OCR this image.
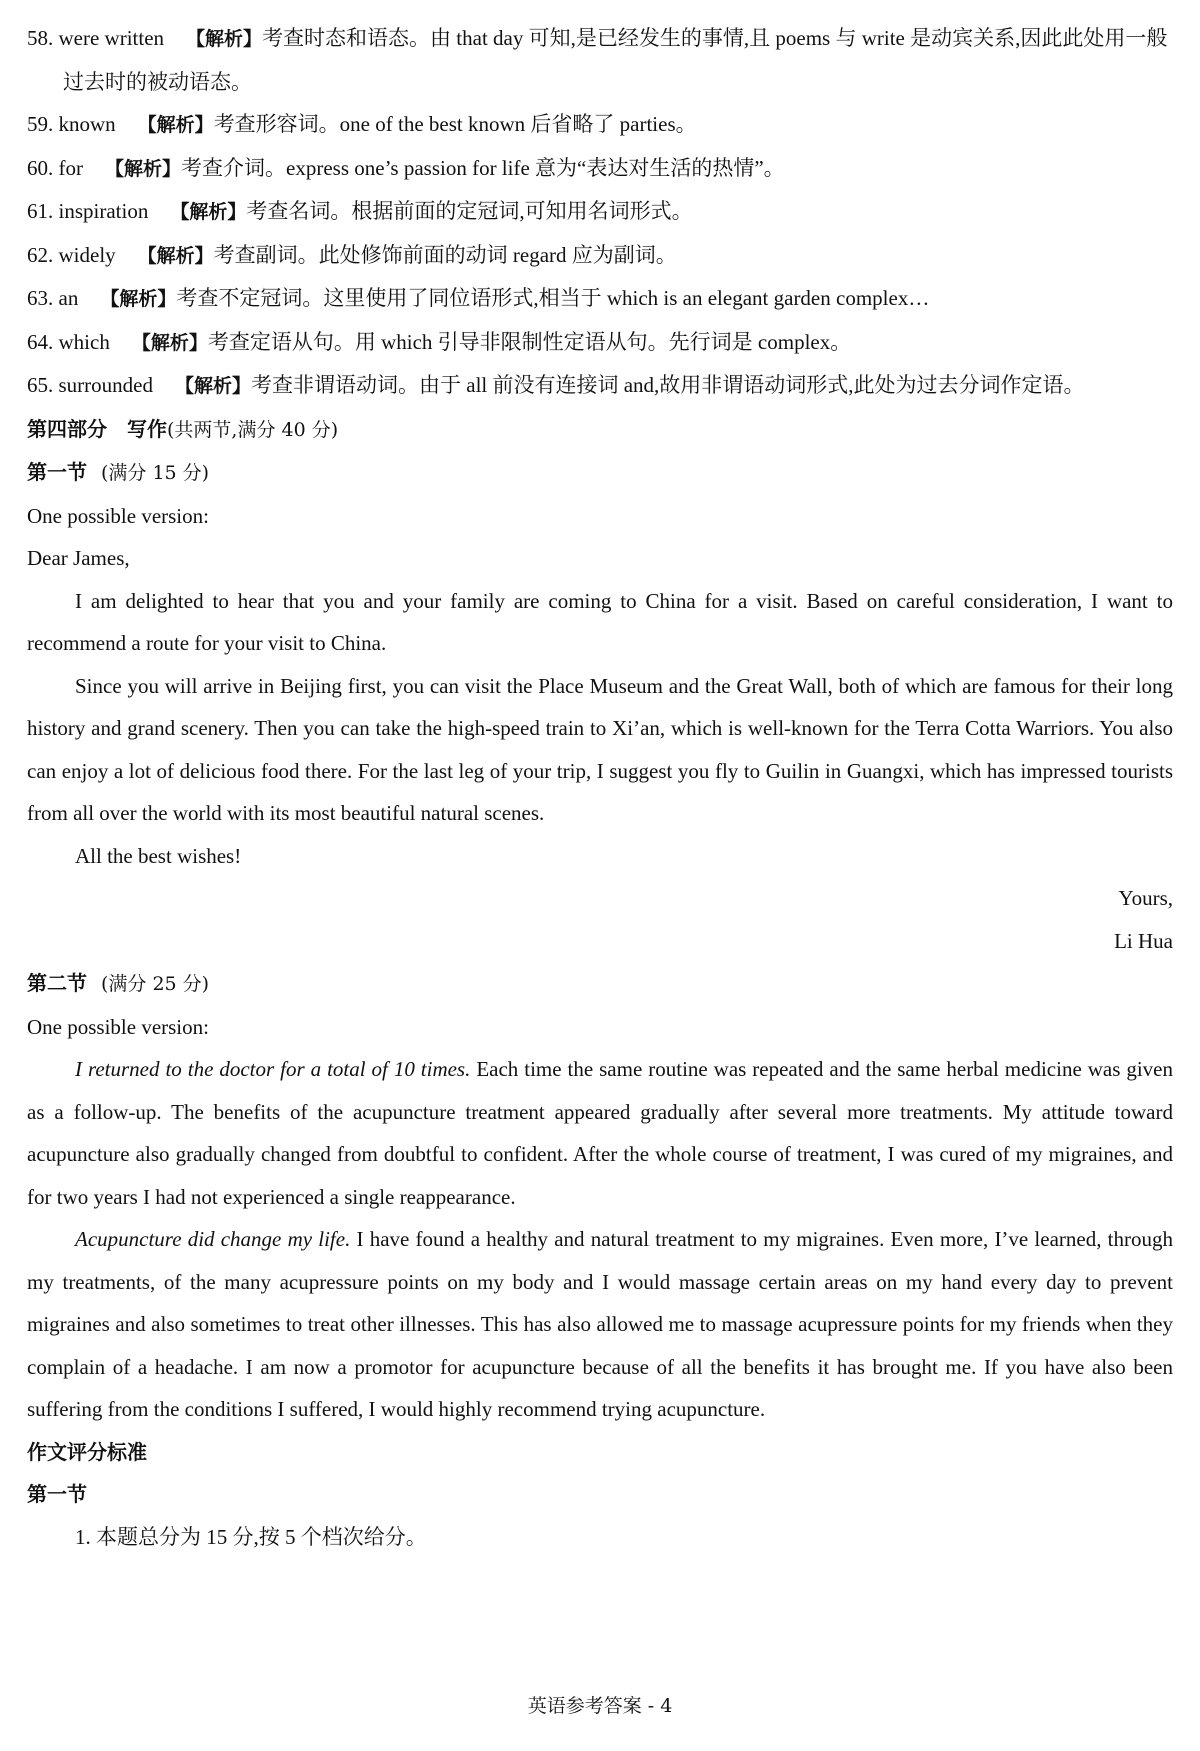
58. were written 【解析】考查时态和语态。由 that day 可知,是已经发生的事情,且 poems 与 write 是动宾关系,因此此处用一般过去时的被动语态。
59. known 【解析】考查形容词。one of the best known 后省略了 parties。
60. for 【解析】考查介词。express one’s passion for life 意为“表达对生活的热情”。
61. inspiration 【解析】考查名词。根据前面的定冠词,可知用名词形式。
62. widely 【解析】考查副词。此处修饰前面的动词 regard 应为副词。
63. an 【解析】考查不定冠词。这里使用了同位语形式,相当于 which is an elegant garden complex…
64. which 【解析】考查定语从句。用 which 引导非限制性定语从句。先行词是 complex。
65. surrounded 【解析】考查非谓语动词。由于 all 前没有连接词 and,故用非谓语动词形式,此处为过去分词作定语。
第四部分　写作(共两节,满分 40 分)
第一节 (满分 15 分)

One possible version:

Dear James,

I am delighted to hear that you and your family are coming to China for a visit. Based on careful consideration, I want to recommend a route for your visit to China.

Since you will arrive in Beijing first, you can visit the Place Museum and the Great Wall, both of which are famous for their long history and grand scenery. Then you can take the high-speed train to Xi’an, which is well-known for the Terra Cotta Warriors. You also can enjoy a lot of delicious food there. For the last leg of your trip, I suggest you fly to Guilin in Guangxi, which has impressed tourists from all over the world with its most beautiful natural scenes.

All the best wishes!

Yours,

Li Hua

第二节 (满分 25 分)

One possible version:

I returned to the doctor for a total of 10 times. Each time the same routine was repeated and the same herbal medicine was given as a follow-up. The benefits of the acupuncture treatment appeared gradually after several more treatments. My attitude toward acupuncture also gradually changed from doubtful to confident. After the whole course of treatment, I was cured of my migraines, and for two years I had not experienced a single reappearance.

Acupuncture did change my life. I have found a healthy and natural treatment to my migraines. Even more, I’ve learned, through my treatments, of the many acupressure points on my body and I would massage certain areas on my hand every day to prevent migraines and also sometimes to treat other illnesses. This has also allowed me to massage acupressure points for my friends when they complain of a headache. I am now a promotor for acupuncture because of all the benefits it has brought me. If you have also been suffering from the conditions I suffered, I would highly recommend trying acupuncture.

作文评分标准
第一节

1. 本题总分为 15 分,按 5 个档次给分。

英语参考答案 - 4
